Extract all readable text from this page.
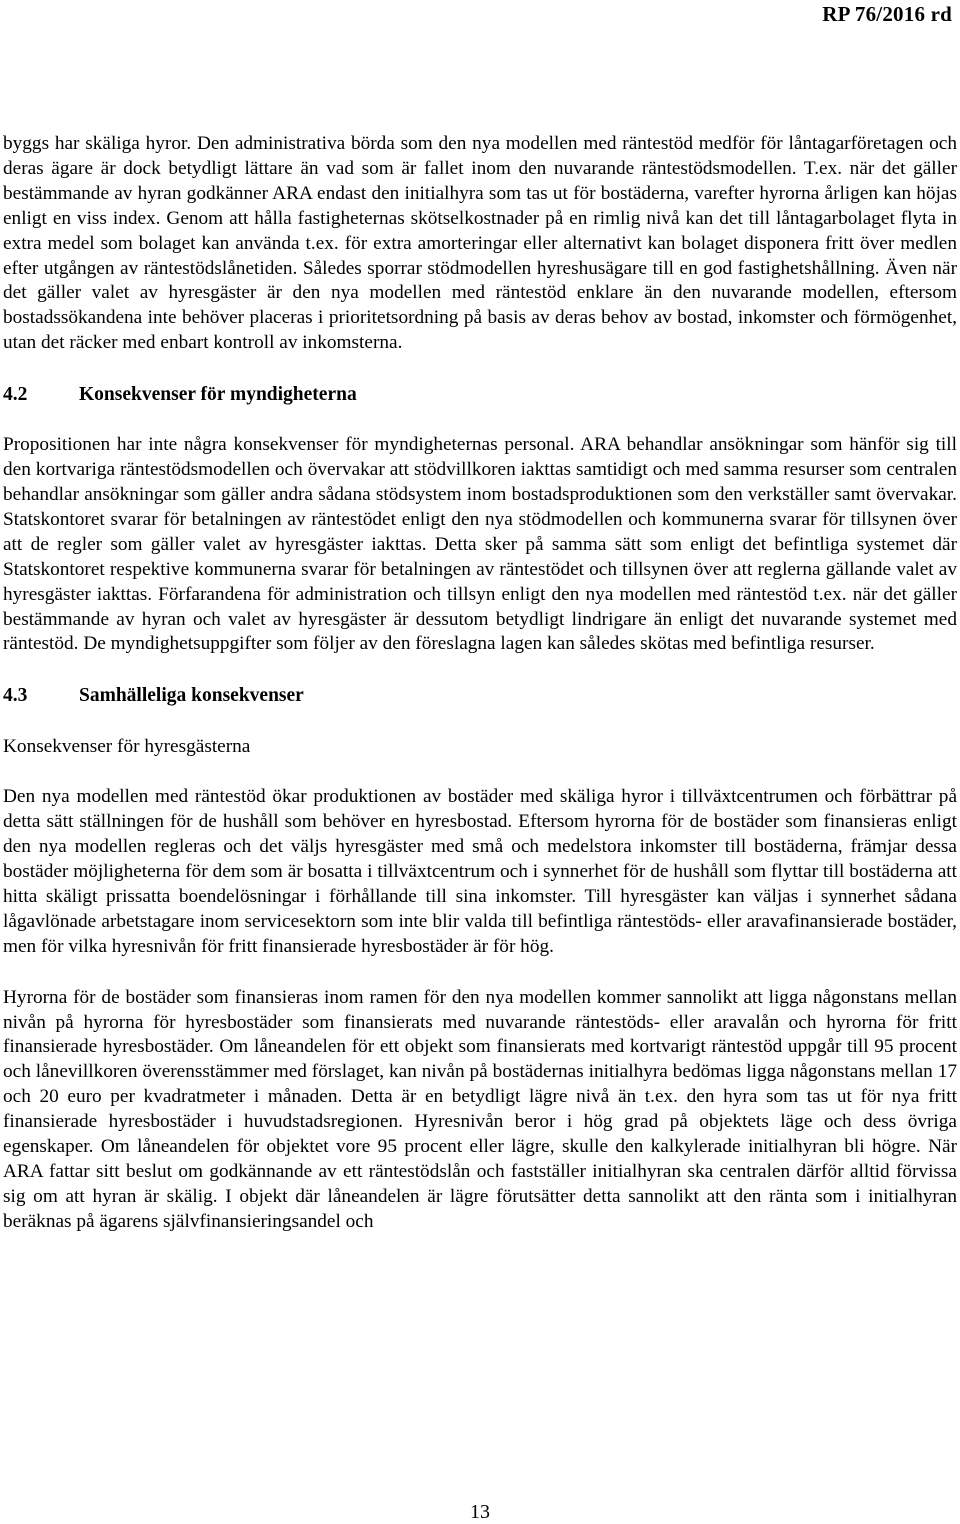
RP 76/2016 rd

byggs har skäliga hyror. Den administrativa börda som den nya modellen med räntestöd medför för låntagarföretagen och deras ägare är dock betydligt lättare än vad som är fallet inom den nuvarande räntestödsmodellen. T.ex. när det gäller bestämmande av hyran godkänner ARA endast den initialhyra som tas ut för bostäderna, varefter hyrorna årligen kan höjas enligt en viss index. Genom att hålla fastigheternas skötselkostnader på en rimlig nivå kan det till låntagarbolaget flyta in extra medel som bolaget kan använda t.ex. för extra amorteringar eller alternativt kan bolaget disponera fritt över medlen efter utgången av räntestödslånetiden. Således sporrar stödmodellen hyreshusägare till en god fastighetshållning. Även när det gäller valet av hyresgäster är den nya modellen med räntestöd enklare än den nuvarande modellen, eftersom bostadssökandena inte behöver placeras i prioritetsordning på basis av deras behov av bostad, inkomster och förmögenhet, utan det räcker med enbart kontroll av inkomsterna.

4.2	Konsekvenser för myndigheterna

Propositionen har inte några konsekvenser för myndigheternas personal. ARA behandlar ansökningar som hänför sig till den kortvariga räntestödsmodellen och övervakar att stödvillkoren iakttas samtidigt och med samma resurser som centralen behandlar ansökningar som gäller andra sådana stödsystem inom bostadsproduktionen som den verkställer samt övervakar. Statskontoret svarar för betalningen av räntestödet enligt den nya stödmodellen och kommunerna svarar för tillsynen över att de regler som gäller valet av hyresgäster iakttas. Detta sker på samma sätt som enligt det befintliga systemet där Statskontoret respektive kommunerna svarar för betalningen av räntestödet och tillsynen över att reglerna gällande valet av hyresgäster iakttas. Förfarandena för administration och tillsyn enligt den nya modellen med räntestöd t.ex. när det gäller bestämmande av hyran och valet av hyresgäster är dessutom betydligt lindrigare än enligt det nuvarande systemet med räntestöd. De myndighetsuppgifter som följer av den föreslagna lagen kan således skötas med befintliga resurser.

4.3	Samhälleliga konsekvenser

Konsekvenser för hyresgästerna

Den nya modellen med räntestöd ökar produktionen av bostäder med skäliga hyror i tillväxtcentrumen och förbättrar på detta sätt ställningen för de hushåll som behöver en hyresbostad. Eftersom hyrorna för de bostäder som finansieras enligt den nya modellen regleras och det väljs hyresgäster med små och medelstora inkomster till bostäderna, främjar dessa bostäder möjligheterna för dem som är bosatta i tillväxtcentrum och i synnerhet för de hushåll som flyttar till bostäderna att hitta skäligt prissatta boendelösningar i förhållande till sina inkomster. Till hyresgäster kan väljas i synnerhet sådana lågavlönade arbetstagare inom servicesektorn som inte blir valda till befintliga räntestöds- eller aravafinansierade bostäder, men för vilka hyresnivån för fritt finansierade hyresbostäder är för hög.

Hyrorna för de bostäder som finansieras inom ramen för den nya modellen kommer sannolikt att ligga någonstans mellan nivån på hyrorna för hyresbostäder som finansierats med nuvarande räntestöds- eller aravalån och hyrorna för fritt finansierade hyresbostäder. Om låneandelen för ett objekt som finansierats med kortvarigt räntestöd uppgår till 95 procent och lånevillkoren överensstämmer med förslaget, kan nivån på bostädernas initialhyra bedömas ligga någonstans mellan 17 och 20 euro per kvadratmeter i månaden. Detta är en betydligt lägre nivå än t.ex. den hyra som tas ut för nya fritt finansierade hyresbostäder i huvudstadsregionen. Hyresnivån beror i hög grad på objektets läge och dess övriga egenskaper. Om låneandelen för objektet vore 95 procent eller lägre, skulle den kalkylerade initialhyran bli högre. När ARA fattar sitt beslut om godkännande av ett räntestödslån och fastställer initialhyran ska centralen därför alltid förvissa sig om att hyran är skälig. I objekt där låneandelen är lägre förutsätter detta sannolikt att den ränta som i initialhyran beräknas på ägarens självfinansieringsandel och

13
